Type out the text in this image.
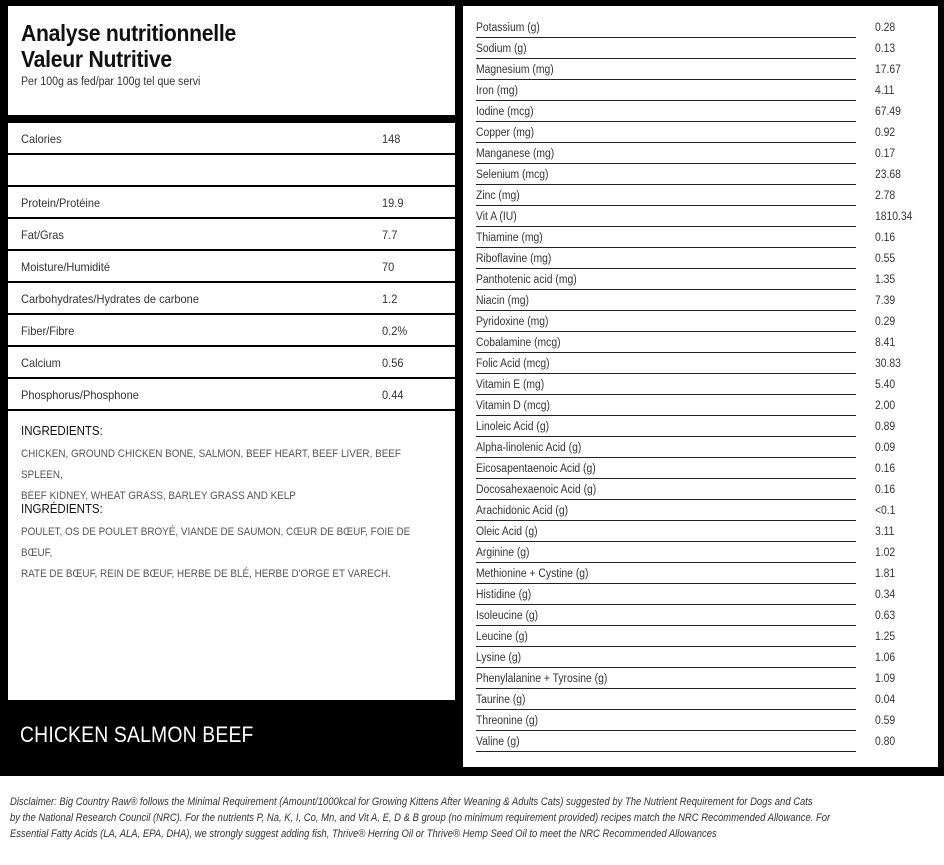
Analyse nutritionnelle
Valeur Nutritive
Per 100g as fed/par 100g tel que servi
Calories	148
Protein/Protéine	19.9
Fat/Gras	7.7
Moisture/Humidité	70
Carbohydrates/Hydrates de carbone	1.2
Fiber/Fibre	0.2%
Calcium	0.56
Phosphorus/Phosphone	0.44
INGREDIENTS:
CHICKEN, GROUND CHICKEN BONE, SALMON, BEEF HEART, BEEF LIVER, BEEF SPLEEN,
BEEF KIDNEY, WHEAT GRASS, BARLEY GRASS AND KELP
INGRÉDIENTS:
POULET, OS DE POULET BROYÉ, VIANDE DE SAUMON, CŒUR DE BŒUF, FOIE DE BŒUF,
RATE DE BŒUF, REIN DE BŒUF, HERBE DE BLÉ, HERBE D'ORGE ET VARECH.
CHICKEN SALMON BEEF
Potassium (g)	0.28
Sodium (g)	0.13
Magnesium (mg)	17.67
Iron (mg)	4.11
Iodine (mcg)	67.49
Copper (mg)	0.92
Manganese (mg)	0.17
Selenium (mcg)	23.68
Zinc (mg)	2.78
Vit A (IU)	1810.34
Thiamine (mg)	0.16
Riboflavine (mg)	0.55
Panthotenic acid (mg)	1.35
Niacin (mg)	7.39
Pyridoxine (mg)	0.29
Cobalamine (mcg)	8.41
Folic Acid (mcg)	30.83
Vitamin E (mg)	5.40
Vitamin D (mcg)	2.00
Linoleic Acid (g)	0.89
Alpha-linolenic Acid (g)	0.09
Eicosapentaenoic Acid (g)	0.16
Docosahexaenoic Acid (g)	0.16
Arachidonic Acid (g)	<0.1
Oleic Acid (g)	3.11
Arginine (g)	1.02
Methionine + Cystine (g)	1.81
Histidine (g)	0.34
Isoleucine (g)	0.63
Leucine (g)	1.25
Lysine (g)	1.06
Phenylalanine + Tyrosine (g)	1.09
Taurine (g)	0.04
Threonine (g)	0.59
Valine (g)	0.80
Disclaimer: Big Country Raw® follows the Minimal Requirement (Amount/1000kcal for Growing Kittens After Weaning & Adults Cats) suggested by The Nutrient Requirement for Dogs and Cats
by the National Research Council (NRC). For the nutrients P, Na, K, I, Co, Mn, and Vit A, E, D & B group (no minimum requirement provided) recipes match the NRC Recommended Allowance. For
Essential Fatty Acids (LA, ALA, EPA, DHA), we strongly suggest adding fish, Thrive® Herring Oil or Thrive® Hemp Seed Oil to meet the NRC Recommended Allowances
